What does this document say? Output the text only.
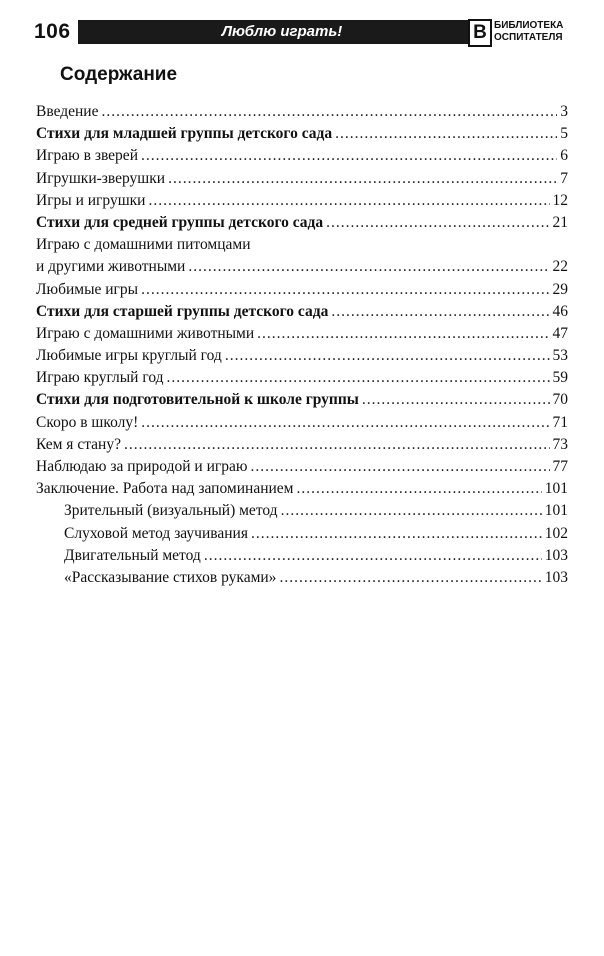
106	Люблю играть!	В БИБЛИОТЕКА
ОСПИТАТЕЛЯ
Содержание
Введение .....	3
Стихи для младшей группы детского сада .....	5
Играю в зверей .....	6
Игрушки-зверушки .....	7
Игры и игрушки .....	12
Стихи для средней группы детского сада .....	21
Играю с домашними питомцами
и другими животными .....	22
Любимые игры .....	29
Стихи для старшей группы детского сада .....	46
Играю с домашними животными .....	47
Любимые игры круглый год .....	53
Играю круглый год .....	59
Стихи для подготовительной к школе группы .....	70
Скоро в школу! .....	71
Кем я стану? .....	73
Наблюдаю за природой и играю .....	77
Заключение. Работа над запоминанием .....	101
Зрительный (визуальный) метод .....	101
Слуховой метод заучивания .....	102
Двигательный метод .....	103
«Рассказывание стихов руками» .....	103
